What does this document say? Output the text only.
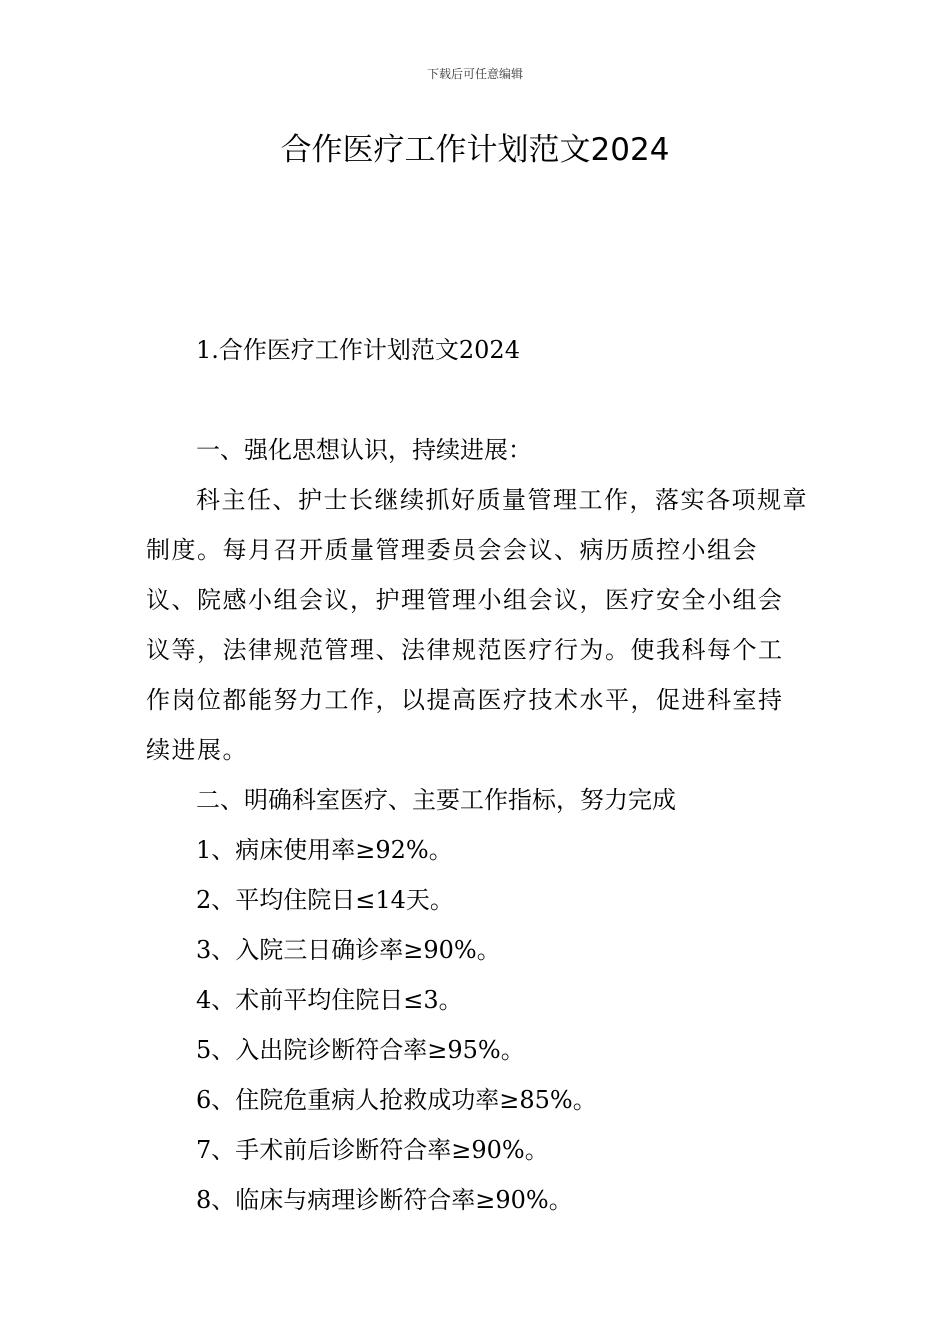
下载后可任意编辑
合作医疗工作计划范文2024
1.合作医疗工作计划范文2024

一、强化思想认识，持续进展：

科主任、护士长继续抓好质量管理工作，落实各项规章制度。每月召开质量管理委员会会议、病历质控小组会议、院感小组会议，护理管理小组会议，医疗安全小组会议等，法律规范管理、法律规范医疗行为。使我科每个工作岗位都能努力工作，以提高医疗技术水平，促进科室持续进展。

二、明确科室医疗、主要工作指标，努力完成

1、病床使用率≥92%。

2、平均住院日≤14天。

3、入院三日确诊率≥90%。

4、术前平均住院日≤3。

5、入出院诊断符合率≥95%。

6、住院危重病人抢救成功率≥85%。

7、手术前后诊断符合率≥90%。

8、临床与病理诊断符合率≥90%。
